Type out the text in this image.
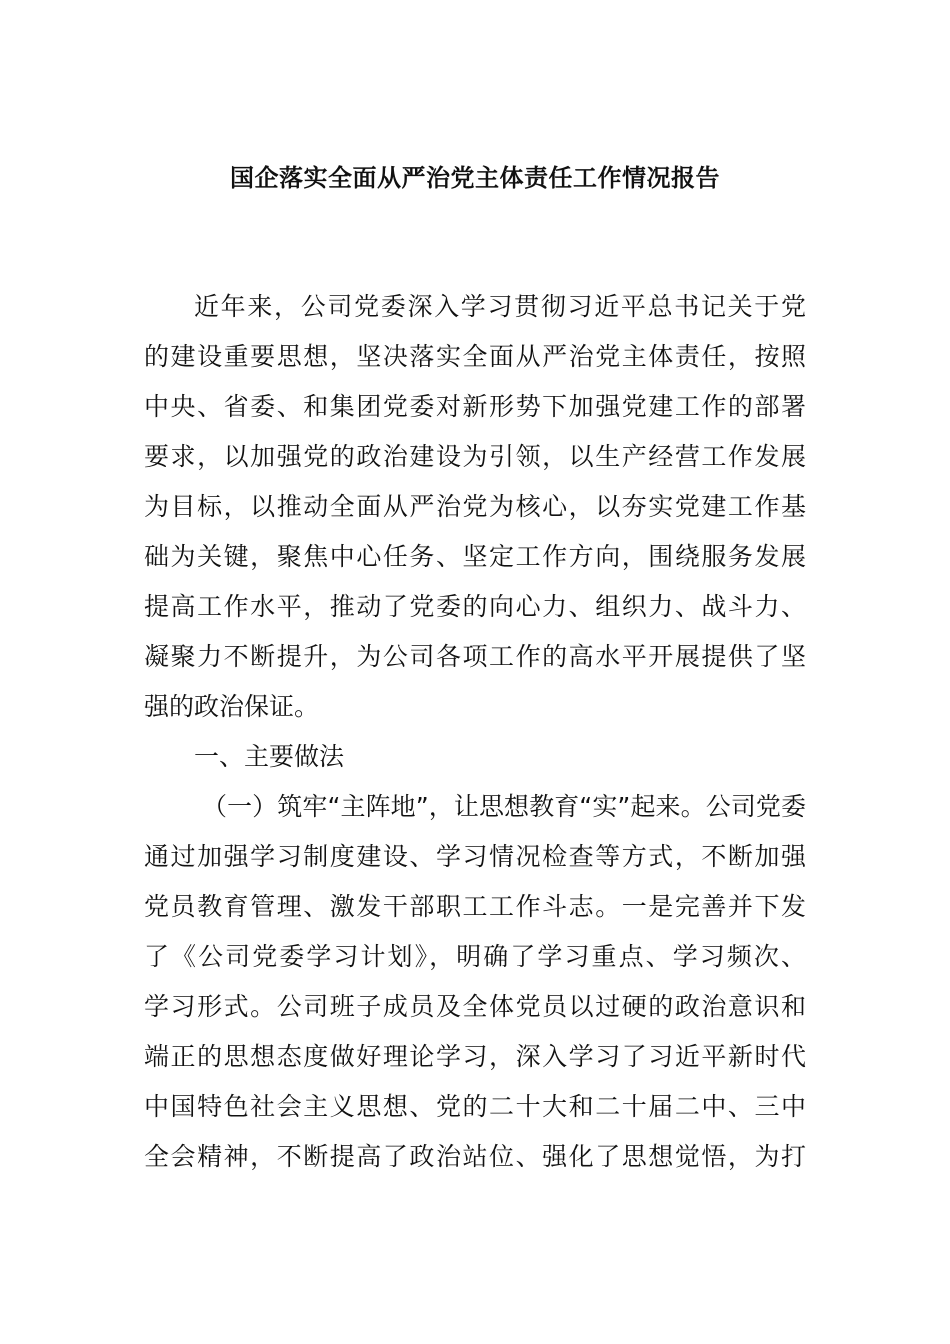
国企落实全面从严治党主体责任工作情况报告
近年来，公司党委深入学习贯彻习近平总书记关于党
的建设重要思想，坚决落实全面从严治党主体责任，按照
中央、省委、和集团党委对新形势下加强党建工作的部署
要求，以加强党的政治建设为引领，以生产经营工作发展
为目标，以推动全面从严治党为核心，以夯实党建工作基
础为关键，聚焦中心任务、坚定工作方向，围绕服务发展
提高工作水平，推动了党委的向心力、组织力、战斗力、
凝聚力不断提升，为公司各项工作的高水平开展提供了坚
强的政治保证。
一、主要做法
（一）筑牢“主阵地”，让思想教育“实”起来。公司党委
通过加强学习制度建设、学习情况检查等方式，不断加强
党员教育管理、激发干部职工工作斗志。一是完善并下发
了《公司党委学习计划》，明确了学习重点、学习频次、
学习形式。公司班子成员及全体党员以过硬的政治意识和
端正的思想态度做好理论学习，深入学习了习近平新时代
中国特色社会主义思想、党的二十大和二十届二中、三中
全会精神，不断提高了政治站位、强化了思想觉悟，为打
